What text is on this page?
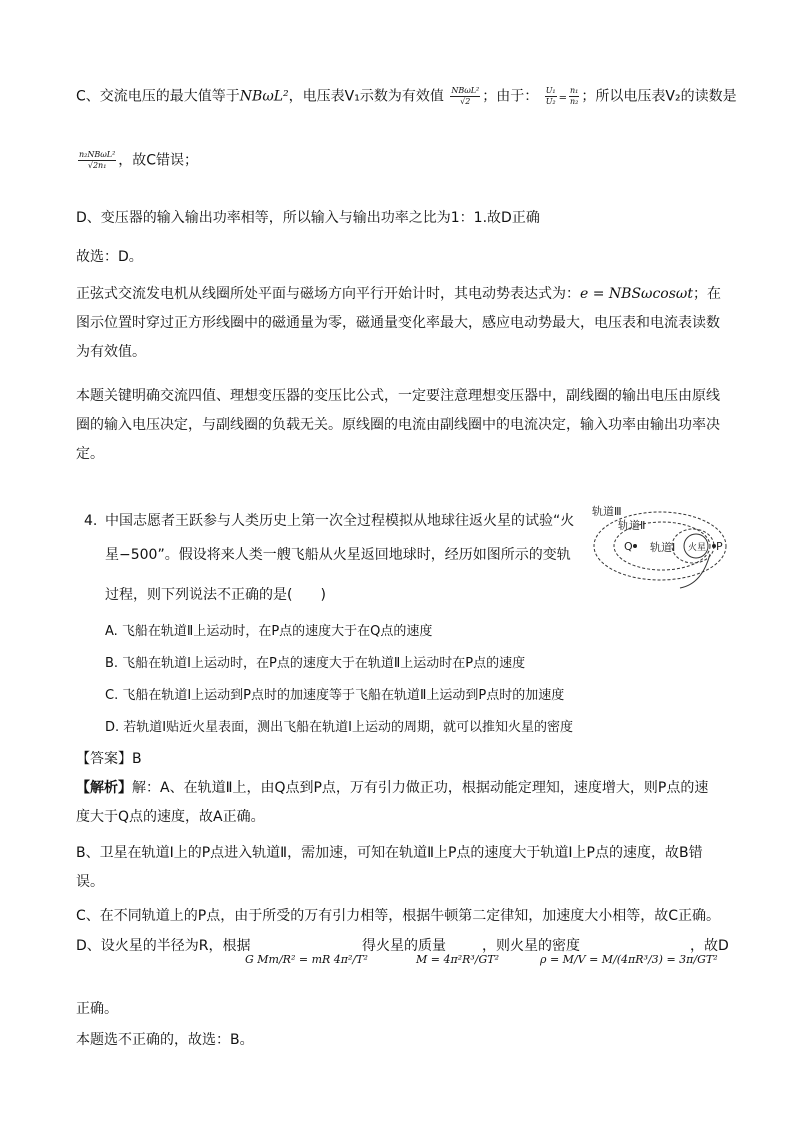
C、交流电压的最大值等于NBωL²，电压表V₁示数为有效值 $\frac{\text{NBωL²}}{√2}$ ；由于： $\frac{\text{U₁}}{\text{U₂}} = \frac{\text{n₁}}{\text{n₂}}$ ；所以电压表V₂的读数是
$\frac{\text{n₂NBωL²}}{\text{√2n₁}}$ ，故C错误；
D、变压器的输入输出功率相等，所以输入与输出功率之比为1：1.故D正确
故选：D。
正弦式交流发电机从线圈所处平面与磁场方向平行开始计时，其电动势表达式为：e = NBSωcosωt；在图示位置时穿过正方形线圈中的磁通量为零，磁通量变化率最大，感应电动势最大，电压表和电流表读数为有效值。
本题关键明确交流四值、理想变压器的变压比公式，一定要注意理想变压器中，副线圈的输出电压由原线圈的输入电压决定，与副线圈的负载无关。原线圈的电流由副线圈中的电流决定，输入功率由输出功率决定。
4. 中国志愿者王跃参与人类历史上第一次全过程模拟从地球往返火星的试验“火
星−500”。假设将来人类一艘飞船从火星返回地球时，经历如图所示的变轨
过程，则下列说法不正确的是(　　)
轨道Ⅲ
轨道Ⅱ
轨道Ⅰ 火星
Q	P
A. 飞船在轨道Ⅱ上运动时，在P点的速度大于在Q点的速度
B. 飞船在轨道Ⅰ上运动时，在P点的速度大于在轨道Ⅱ上运动时在P点的速度
C. 飞船在轨道Ⅰ上运动到P点时的加速度等于飞船在轨道Ⅱ上运动到P点时的加速度
D. 若轨道Ⅰ贴近火星表面，测出飞船在轨道Ⅰ上运动的周期，就可以推知火星的密度
【答案】B
【解析】解：A、在轨道Ⅱ上，由Q点到P点，万有引力做正功，根据动能定理知，速度增大，则P点的速度大于Q点的速度，故A正确。
B、卫星在轨道Ⅰ上的P点进入轨道Ⅱ，需加速，可知在轨道Ⅱ上P点的速度大于轨道Ⅰ上P点的速度，故B错误。
C、在不同轨道上的P点，由于所受的万有引力相等，根据牛顿第二定律知，加速度大小相等，故C正确。
D、设火星的半径为R，根据
G Mm/R² = mR 4π²/T²
得火星的质量
M = 4π²R³/GT²
，则火星的密度
ρ = M/V = M/(4πR³/3) = 3π/GT²
，故D
正确。
本题选不正确的，故选：B。
